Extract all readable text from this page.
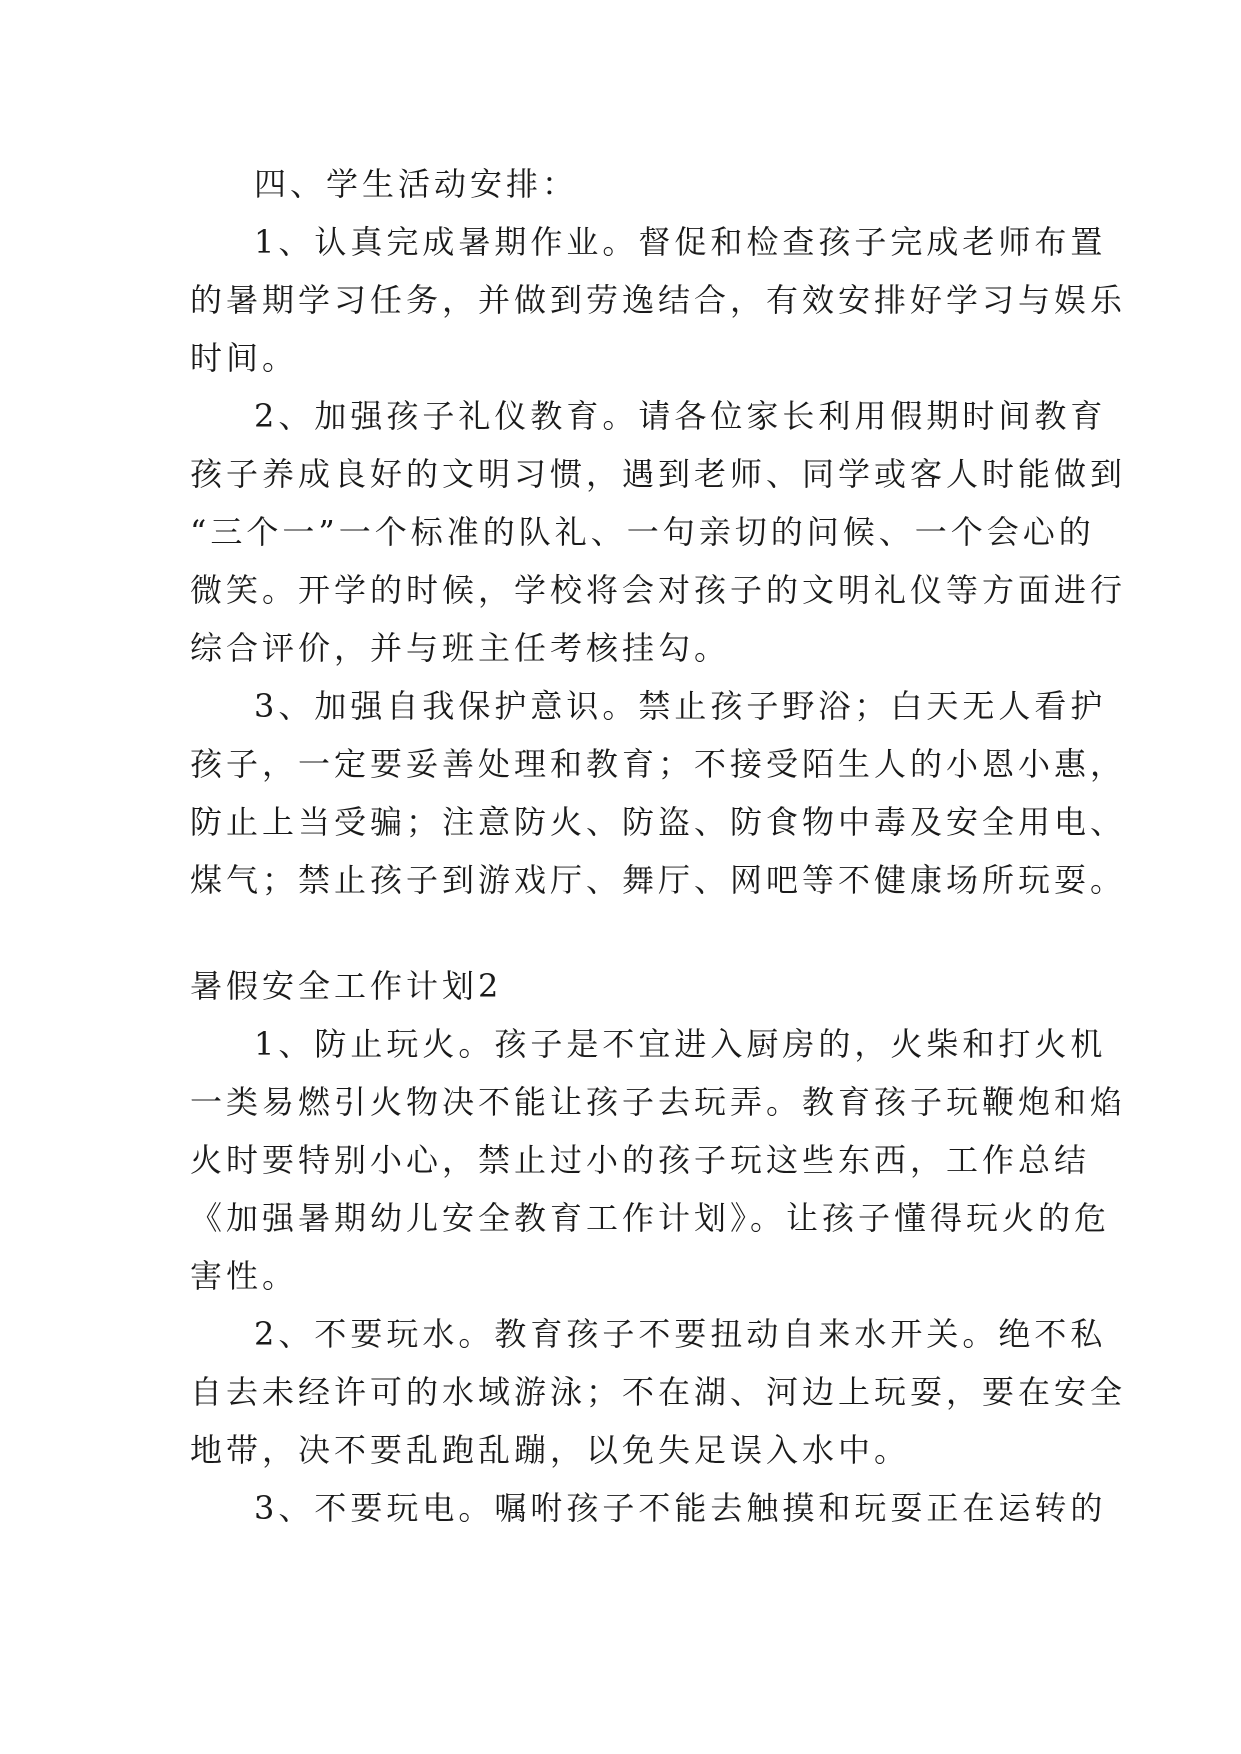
四、学生活动安排：
1、认真完成暑期作业。督促和检查孩子完成老师布置
的暑期学习任务，并做到劳逸结合，有效安排好学习与娱乐
时间。
2、加强孩子礼仪教育。请各位家长利用假期时间教育
孩子养成良好的文明习惯，遇到老师、同学或客人时能做到
“三个一”一个标准的队礼、一句亲切的问候、一个会心的
微笑。开学的时候，学校将会对孩子的文明礼仪等方面进行
综合评价，并与班主任考核挂勾。
3、加强自我保护意识。禁止孩子野浴；白天无人看护
孩子，一定要妥善处理和教育；不接受陌生人的小恩小惠，
防止上当受骗；注意防火、防盗、防食物中毒及安全用电、
煤气；禁止孩子到游戏厅、舞厅、网吧等不健康场所玩耍。
暑假安全工作计划2
1、防止玩火。孩子是不宜进入厨房的，火柴和打火机
一类易燃引火物决不能让孩子去玩弄。教育孩子玩鞭炮和焰
火时要特别小心，禁止过小的孩子玩这些东西，工作总结
《加强暑期幼儿安全教育工作计划》。让孩子懂得玩火的危
害性。
2、不要玩水。教育孩子不要扭动自来水开关。绝不私
自去未经许可的水域游泳；不在湖、河边上玩耍，要在安全
地带，决不要乱跑乱蹦，以免失足误入水中。
3、不要玩电。嘱咐孩子不能去触摸和玩耍正在运转的
